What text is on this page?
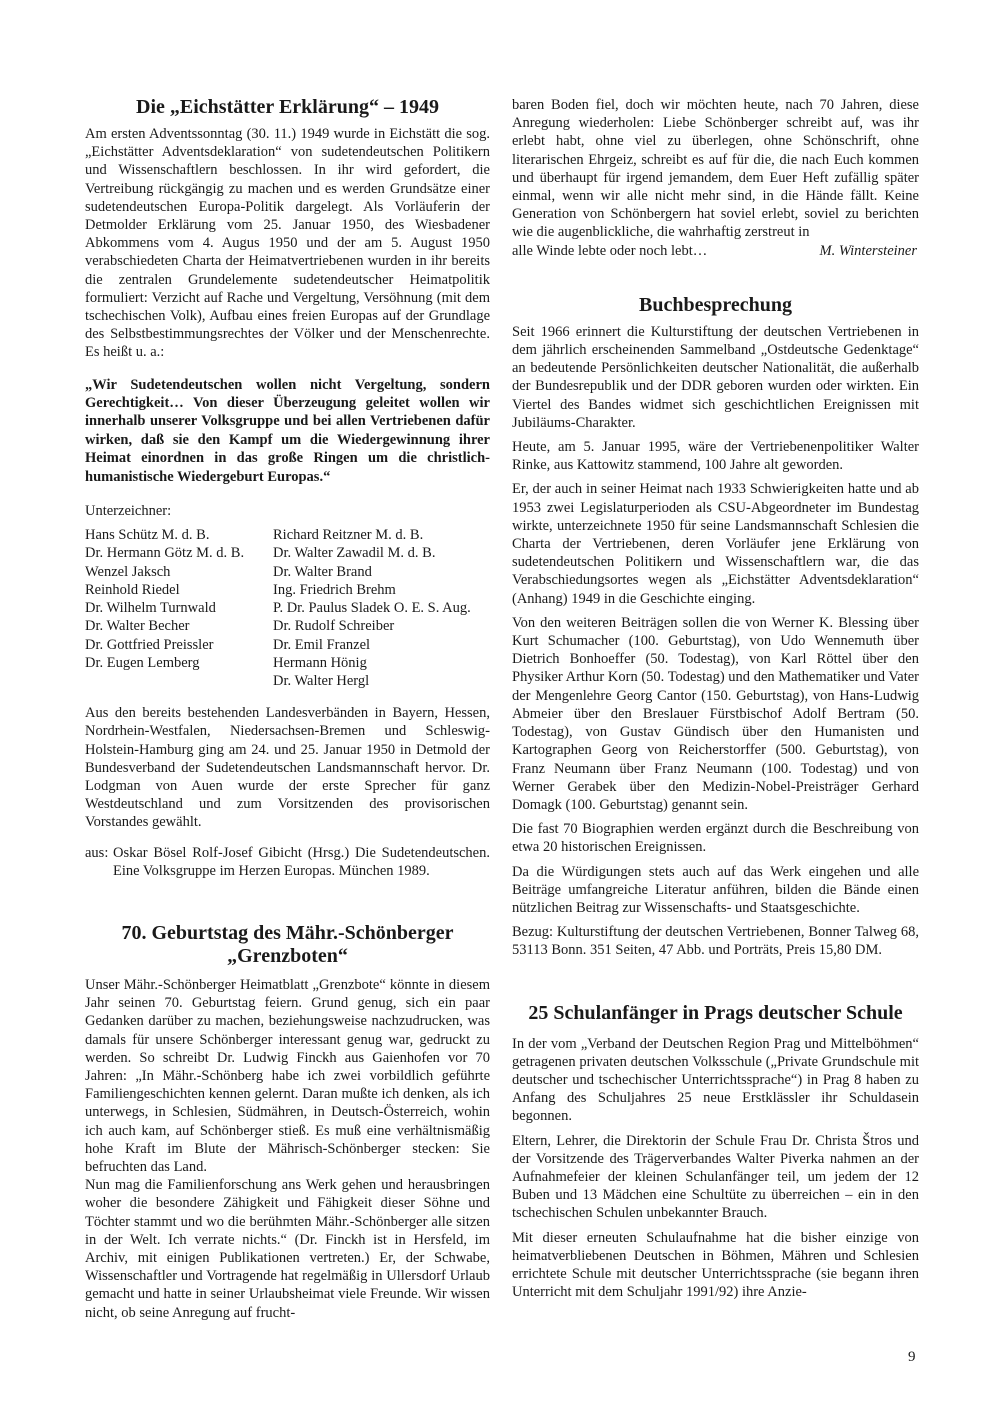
Die „Eichstätter Erklärung“ – 1949

Am ersten Adventssonntag (30. 11.) 1949 wurde in Eichstätt die sog. „Eichstätter Adventsdeklaration“ von sudetendeutschen Politikern und Wissenschaftlern beschlossen. In ihr wird gefordert, die Vertreibung rückgängig zu machen und es werden Grundsätze einer sudetendeutschen Europa-Politik dargelegt. Als Vorläuferin der Detmolder Erklärung vom 25. Januar 1950, des Wiesbadener Abkommens vom 4. Augus 1950 und der am 5. August 1950 verabschiedeten Charta der Heimatvertriebenen wurden in ihr bereits die zentralen Grundelemente sudetendeutscher Heimatpolitik formuliert: Verzicht auf Rache und Vergeltung, Versöhnung (mit dem tschechischen Volk), Aufbau eines freien Europas auf der Grundlage des Selbstbestimmungsrechtes der Völker und der Menschenrechte. Es heißt u. a.:

„Wir Sudetendeutschen wollen nicht Vergeltung, sondern Gerechtigkeit… Von dieser Überzeugung geleitet wollen wir innerhalb unserer Volksgruppe und bei allen Vertriebenen dafür wirken, daß sie den Kampf um die Wiedergewinnung ihrer Heimat einordnen in das große Ringen um die christlich-humanistische Wiedergeburt Europas.“

Unterzeichner:
Hans Schütz M. d. B.
Dr. Hermann Götz M. d. B.
Wenzel Jaksch
Reinhold Riedel
Dr. Wilhelm Turnwald
Dr. Walter Becher
Dr. Gottfried Preissler
Dr. Eugen Lemberg
Richard Reitzner M. d. B.
Dr. Walter Zawadil M. d. B.
Dr. Walter Brand
Ing. Friedrich Brehm
P. Dr. Paulus Sladek O. E. S. Aug.
Dr. Rudolf Schreiber
Dr. Emil Franzel
Hermann Hönig
Dr. Walter Hergl

Aus den bereits bestehenden Landesverbänden in Bayern, Hessen, Nordrhein-Westfalen, Niedersachsen-Bremen und Schleswig-Holstein-Hamburg ging am 24. und 25. Januar 1950 in Detmold der Bundesverband der Sudetendeutschen Landsmannschaft hervor. Dr. Lodgman von Auen wurde der erste Sprecher für ganz Westdeutschland und zum Vorsitzenden des provisorischen Vorstandes gewählt.

aus: Oskar Bösel Rolf-Josef Gibicht (Hrsg.) Die Sudetendeutschen. Eine Volksgruppe im Herzen Europas. München 1989.
70. Geburtstag des Mähr.-Schönberger „Grenzboten“

Unser Mähr.-Schönberger Heimatblatt „Grenzbote“ könnte in diesem Jahr seinen 70. Geburtstag feiern. Grund genug, sich ein paar Gedanken darüber zu machen, beziehungsweise nachzudrucken, was damals für unsere Schönberger interessant genug war, gedruckt zu werden. So schreibt Dr. Ludwig Finckh aus Gaienhofen vor 70 Jahren: „In Mähr.-Schönberg habe ich zwei vorbildlich geführte Familiengeschichten kennen gelernt. Daran mußte ich denken, als ich unterwegs, in Schlesien, Südmähren, in Deutsch-Österreich, wohin ich auch kam, auf Schönberger stieß. Es muß eine verhältnismäßig hohe Kraft im Blute der Mährisch-Schönberger stecken: Sie befruchten das Land.

Nun mag die Familienforschung ans Werk gehen und herausbringen woher die besondere Zähigkeit und Fähigkeit dieser Söhne und Töchter stammt und wo die berühmten Mähr.-Schönberger alle sitzen in der Welt. Ich verrate nichts.“ (Dr. Finckh ist in Hersfeld, im Archiv, mit einigen Publikationen vertreten.) Er, der Schwabe, Wissenschaftler und Vortragende hat regelmäßig in Ullersdorf Urlaub gemacht und hatte in seiner Urlaubsheimat viele Freunde. Wir wissen nicht, ob seine Anregung auf frucht-

baren Boden fiel, doch wir möchten heute, nach 70 Jahren, diese Anregung wiederholen: Liebe Schönberger schreibt auf, was ihr erlebt habt, ohne viel zu überlegen, ohne Schönschrift, ohne literarischen Ehrgeiz, schreibt es auf für die, die nach Euch kommen und überhaupt für irgend jemandem, dem Euer Heft zufällig später einmal, wenn wir alle nicht mehr sind, in die Hände fällt. Keine Generation von Schönbergern hat soviel erlebt, soviel zu berichten wie die augenblickliche, die wahrhaftig zerstreut in

alle Winde lebte oder noch lebt…	M. Wintersteiner
Buchbesprechung

Seit 1966 erinnert die Kulturstiftung der deutschen Vertriebenen in dem jährlich erscheinenden Sammelband „Ostdeutsche Gedenktage“ an bedeutende Persönlichkeiten deutscher Nationalität, die außerhalb der Bundesrepublik und der DDR geboren wurden oder wirkten. Ein Viertel des Bandes widmet sich geschichtlichen Ereignissen mit Jubiläums-Charakter.

Heute, am 5. Januar 1995, wäre der Vertriebenenpolitiker Walter Rinke, aus Kattowitz stammend, 100 Jahre alt geworden.

Er, der auch in seiner Heimat nach 1933 Schwierigkeiten hatte und ab 1953 zwei Legislaturperioden als CSU-Abgeordneter im Bundestag wirkte, unterzeichnete 1950 für seine Landsmannschaft Schlesien die Charta der Vertriebenen, deren Vorläufer jene Erklärung von sudetendeutschen Politikern und Wissenschaftlern war, die das Verabschiedungsortes wegen als „Eichstätter Adventsdeklaration“ (Anhang) 1949 in die Geschichte einging.

Von den weiteren Beiträgen sollen die von Werner K. Blessing über Kurt Schumacher (100. Geburtstag), von Udo Wennemuth über Dietrich Bonhoeffer (50. Todestag), von Karl Röttel über den Physiker Arthur Korn (50. Todestag) und den Mathematiker und Vater der Mengenlehre Georg Cantor (150. Geburtstag), von Hans-Ludwig Abmeier über den Breslauer Fürstbischof Adolf Bertram (50. Todestag), von Gustav Gündisch über den Humanisten und Kartographen Georg von Reicherstorffer (500. Geburtstag), von Franz Neumann über Franz Neumann (100. Todestag) und von Werner Gerabek über den Medizin-Nobel-Preisträger Gerhard Domagk (100. Geburtstag) genannt sein.

Die fast 70 Biographien werden ergänzt durch die Beschreibung von etwa 20 historischen Ereignissen.

Da die Würdigungen stets auch auf das Werk eingehen und alle Beiträge umfangreiche Literatur anführen, bilden die Bände einen nützlichen Beitrag zur Wissenschafts- und Staatsgeschichte.

Bezug: Kulturstiftung der deutschen Vertriebenen, Bonner Talweg 68, 53113 Bonn. 351 Seiten, 47 Abb. und Porträts, Preis 15,80 DM.

25 Schulanfänger in Prags deutscher Schule

In der vom „Verband der Deutschen Region Prag und Mittelböhmen“ getragenen privaten deutschen Volksschule („Private Grundschule mit deutscher und tschechischer Unterrichtssprache“) in Prag 8 haben zu Anfang des Schuljahres 25 neue Erstklässler ihr Schuldasein begonnen.

Eltern, Lehrer, die Direktorin der Schule Frau Dr. Christa Štros und der Vorsitzende des Trägerverbandes Walter Piverka nahmen an der Aufnahmefeier der kleinen Schulanfänger teil, um jedem der 12 Buben und 13 Mädchen eine Schultüte zu überreichen – ein in den tschechischen Schulen unbekannter Brauch.

Mit dieser erneuten Schulaufnahme hat die bisher einzige von heimatverbliebenen Deutschen in Böhmen, Mähren und Schlesien errichtete Schule mit deutscher Unterrichtssprache (sie begann ihren Unterricht mit dem Schuljahr 1991/92) ihre Anzie-

9
